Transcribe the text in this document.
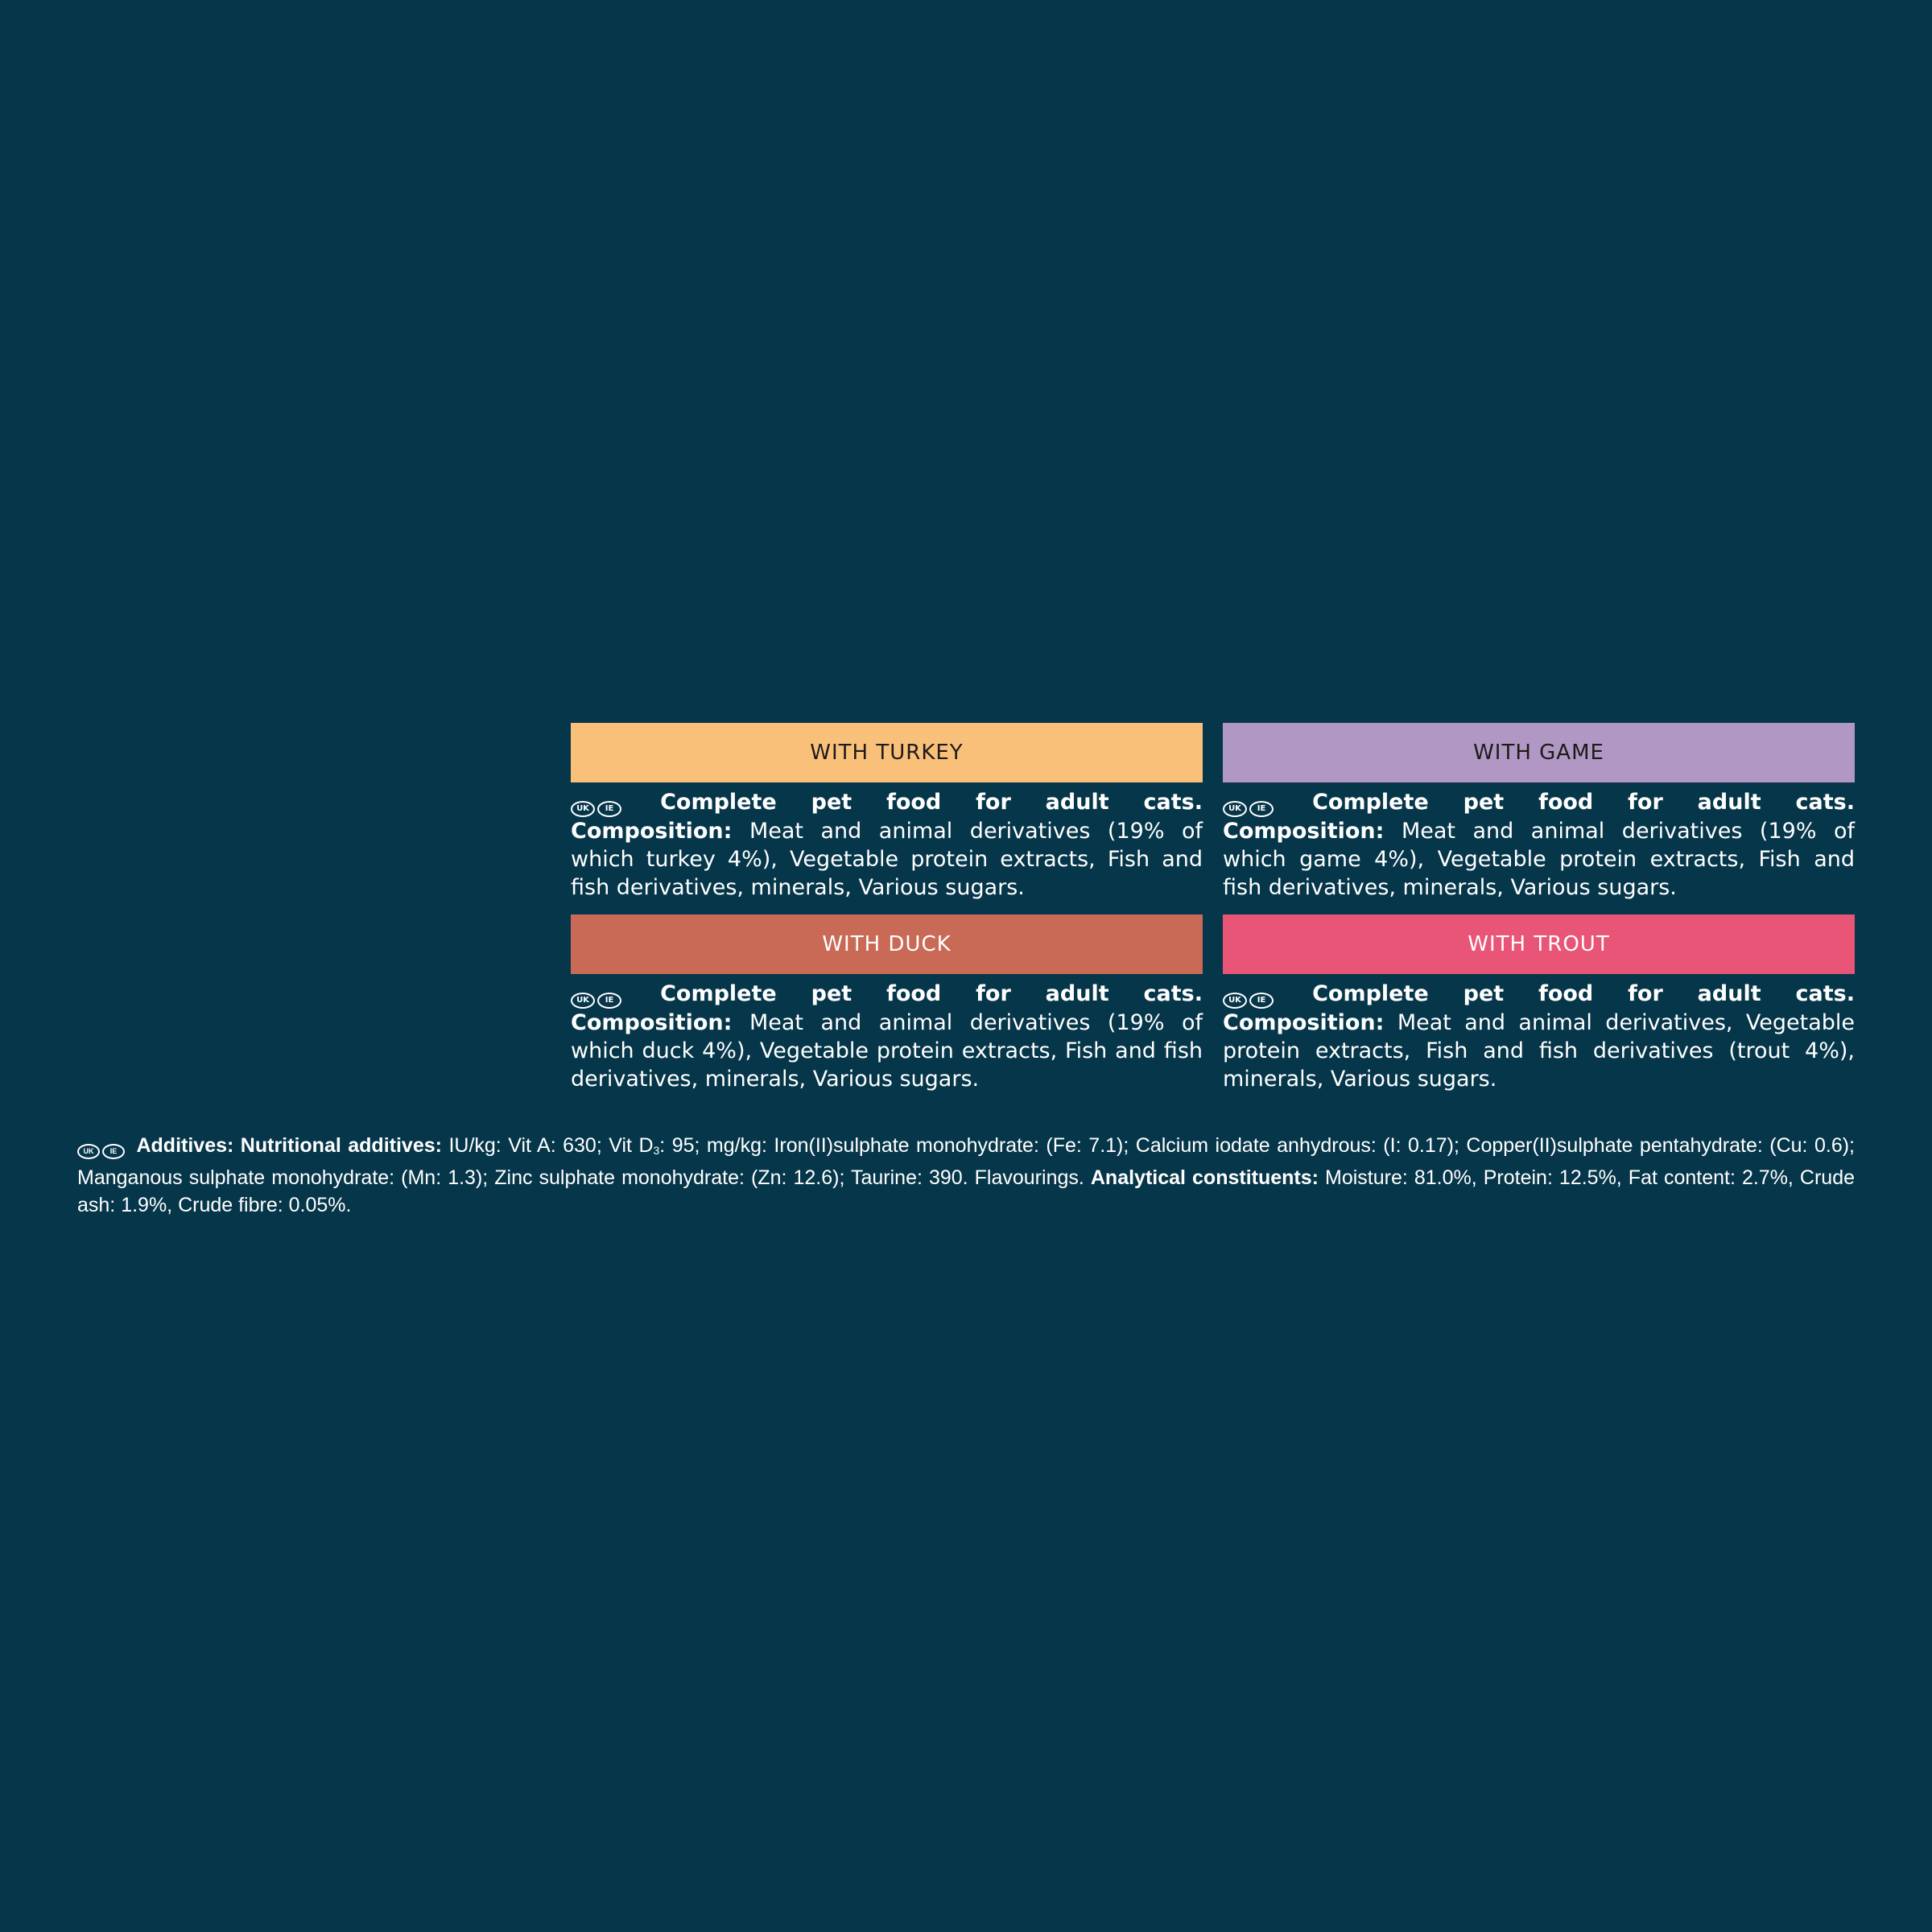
WITH TURKEY
UK	IE	Complete pet food for adult cats. Composition: Meat and animal derivatives (19% of which turkey 4%), Vegetable protein extracts, Fish and fish derivatives, minerals, Various sugars.
WITH GAME
UK	IE	Complete pet food for adult cats. Composition: Meat and animal derivatives (19% of which game 4%), Vegetable protein extracts, Fish and fish derivatives, minerals, Various sugars.
WITH DUCK
UK	IE	Complete pet food for adult cats. Composition: Meat and animal derivatives (19% of which duck 4%), Vegetable protein extracts, Fish and fish derivatives, minerals, Various sugars.
WITH TROUT
UK	IE	Complete pet food for adult cats. Composition: Meat and animal derivatives, Vegetable protein extracts, Fish and fish derivatives (trout 4%), minerals, Various sugars.
UK	IE Additives: Nutritional additives: IU/kg: Vit A: 630; Vit $D_3$: 95; mg/kg: Iron(II)sulphate monohydrate: (Fe: 7.1); Calcium iodate anhydrous: (I: 0.17); Copper(II)sulphate pentahydrate: (Cu: 0.6); Manganous sulphate monohydrate: (Mn: 1.3); Zinc sulphate monohydrate: (Zn: 12.6); Taurine: 390. Flavourings. Analytical constituents: Moisture: 81.0%, Protein: 12.5%, Fat content: 2.7%, Crude ash: 1.9%, Crude fibre: 0.05%.
